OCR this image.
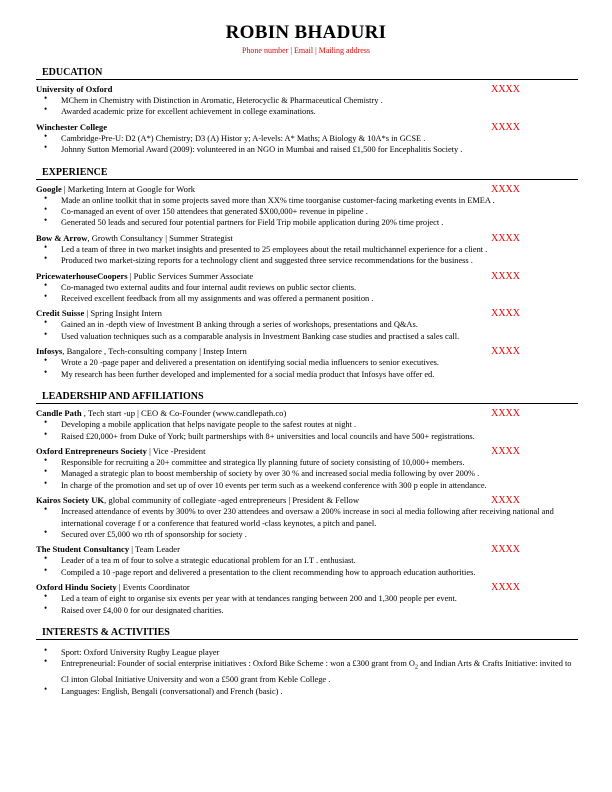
ROBIN BHADURI
Phone number | Email | Mailing address
EDUCATION
University of Oxford	XXXX
• MChem in Chemistry with Distinction in Aromatic, Heterocyclic & Pharmaceutical Chemistry .
• Awarded academic prize for excellent achievement in college examinations.
Winchester College	XXXX
• Cambridge-Pre-U: D2 (A*) Chemistry; D3 (A) Histor y; A-levels: A* Maths; A Biology & 10A*s in GCSE .
• Johnny Sutton Memorial Award (2009): volunteered in an NGO in Mumbai and raised £1,500 for Encephalitis Society .
EXPERIENCE
Google | Marketing Intern at Google for Work	XXXX
• Made an online toolkit that in some projects saved more than XX% time toorganise customer-facing marketing events in EMEA .
• Co-managed an event of over 150 attendees that generated $X00,000+ revenue in pipeline .
• Generated 50 leads and secured four potential partners for Field Trip mobile application during 20% time project .
Bow & Arrow, Growth Consultancy | Summer Strategist	XXXX
• Led a team of three in two market insights and presented to 25 employees about the retail multichannel experience for a client .
• Produced two market-sizing reports for a technology client and suggested three service recommendations for the business .
PricewaterhouseCoopers | Public Services Summer Associate	XXXX
• Co-managed two external audits and four internal audit reviews on public sector clients.
• Received excellent feedback from all my assignments and was offered a permanent position .
Credit Suisse | Spring Insight Intern	XXXX
• Gained an in -depth view of Investment B anking through a series of workshops, presentations and Q&As.
• Used valuation techniques such as a comparable analysis in Investment Banking case studies and practised a sales call.
Infosys, Bangalore , Tech-consulting company | Instep Intern	XXXX
• Wrote a 20 -page paper and delivered a presentation on identifying social media influencers to senior executives.
• My research has been further developed and implemented for a social media product that Infosys have offer ed.
LEADERSHIP AND AFFILIATIONS
Candle Path , Tech start -up | CEO & Co-Founder (www.candlepath.co)	XXXX
• Developing a mobile application that helps navigate people to the safest routes at night .
• Raised £20,000+ from Duke of York; built partnerships with 8+ universities and local councils and have 500+ registrations.
Oxford Entrepreneurs Society | Vice -President	XXXX
• Responsible for recruiting a 20+ committee and strategica lly planning future of society consisting of 10,000+ members.
• Managed a strategic plan to boost membership of society by over 30 % and increased social media following by over 200% .
• In charge of the promotion and set up of over 10 events per term such as a weekend conference with 300 p eople in attendance.
Kairos Society UK, global community of collegiate -aged entrepreneurs | President & Fellow	XXXX
• Increased attendance of events by 300% to over 230 attendees and oversaw a 200% increase in soci al media following after receiving national and international coverage f or a conference that featured world -class keynotes, a pitch and panel.
• Secured over £5,000 wo rth of sponsorship for society .
The Student Consultancy | Team Leader	XXXX
• Leader of a tea m of four to solve a strategic educational problem for an I.T . enthusiast.
• Compiled a 10 -page report and delivered a presentation to the client recommending how to approach education authorities.
Oxford Hindu Society | Events Coordinator	XXXX
• Led a team of eight to organise six events per year with at tendances ranging between 200 and 1,300 people per event.
• Raised over £4,00 0 for our designated charities.
INTERESTS & ACTIVITIES
• Sport: Oxford University Rugby League player
• Entrepreneurial: Founder of social enterprise initiatives : Oxford Bike Scheme : won a £300 grant from $O_2$ and Indian Arts & Crafts Initiative: invited to Cl inton Global Initiative University and won a £500 grant from Keble College .
• Languages: English, Bengali (conversational) and French (basic) .
